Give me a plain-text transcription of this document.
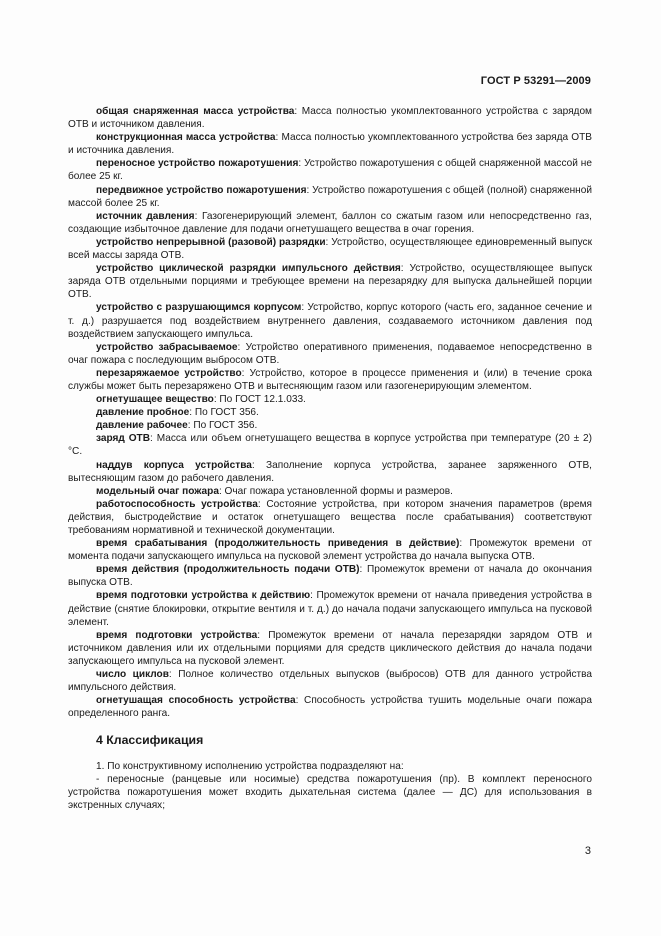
ГОСТ Р 53291—2009

общая снаряженная масса устройства: Масса полностью укомплектованного устройства с зарядом ОТВ и источником давления.

конструкционная масса устройства: Масса полностью укомплектованного устройства без заряда ОТВ и источника давления.

переносное устройство пожаротушения: Устройство пожаротушения с общей снаряженной массой не более 25 кг.

передвижное устройство пожаротушения: Устройство пожаротушения с общей (полной) снаряженной массой более 25 кг.

источник давления: Газогенерирующий элемент, баллон со сжатым газом или непосредственно газ, создающие избыточное давление для подачи огнетушащего вещества в очаг горения.

устройство непрерывной (разовой) разрядки: Устройство, осуществляющее единовременный выпуск всей массы заряда ОТВ.

устройство циклической разрядки импульсного действия: Устройство, осуществляющее выпуск заряда ОТВ отдельными порциями и требующее времени на перезарядку для выпуска дальнейшей порции ОТВ.

устройство с разрушающимся корпусом: Устройство, корпус которого (часть его, заданное сечение и т. д.) разрушается под воздействием внутреннего давления, создаваемого источником давления под воздействием запускающего импульса.

устройство забрасываемое: Устройство оперативного применения, подаваемое непосредственно в очаг пожара с последующим выбросом ОТВ.

перезаряжаемое устройство: Устройство, которое в процессе применения и (или) в течение срока службы может быть перезаряжено ОТВ и вытесняющим газом или газогенерирующим элементом.

огнетушащее вещество: По ГОСТ 12.1.033.

давление пробное: По ГОСТ 356.

давление рабочее: По ГОСТ 356.

заряд ОТВ: Масса или объем огнетушащего вещества в корпусе устройства при температуре (20 ± 2) °С.

наддув корпуса устройства: Заполнение корпуса устройства, заранее заряженного ОТВ, вытесняющим газом до рабочего давления.

модельный очаг пожара: Очаг пожара установленной формы и размеров.

работоспособность устройства: Состояние устройства, при котором значения параметров (время действия, быстродействие и остаток огнетушащего вещества после срабатывания) соответствуют требованиям нормативной и технической документации.

время срабатывания (продолжительность приведения в действие): Промежуток времени от момента подачи запускающего импульса на пусковой элемент устройства до начала выпуска ОТВ.

время действия (продолжительность подачи ОТВ): Промежуток времени от начала до окончания выпуска ОТВ.

время подготовки устройства к действию: Промежуток времени от начала приведения устройства в действие (снятие блокировки, открытие вентиля и т. д.) до начала подачи запускающего импульса на пусковой элемент.

время подготовки устройства: Промежуток времени от начала перезарядки зарядом ОТВ и источником давления или их отдельными порциями для средств циклического действия до начала подачи запускающего импульса на пусковой элемент.

число циклов: Полное количество отдельных выпусков (выбросов) ОТВ для данного устройства импульсного действия.

огнетушащая способность устройства: Способность устройства тушить модельные очаги пожара определенного ранга.

4 Классификация

1. По конструктивному исполнению устройства подразделяют на:

- переносные (ранцевые или носимые) средства пожаротушения (пр). В комплект переносного устройства пожаротушения может входить дыхательная система (далее — ДС) для использования в экстренных случаях;

3
